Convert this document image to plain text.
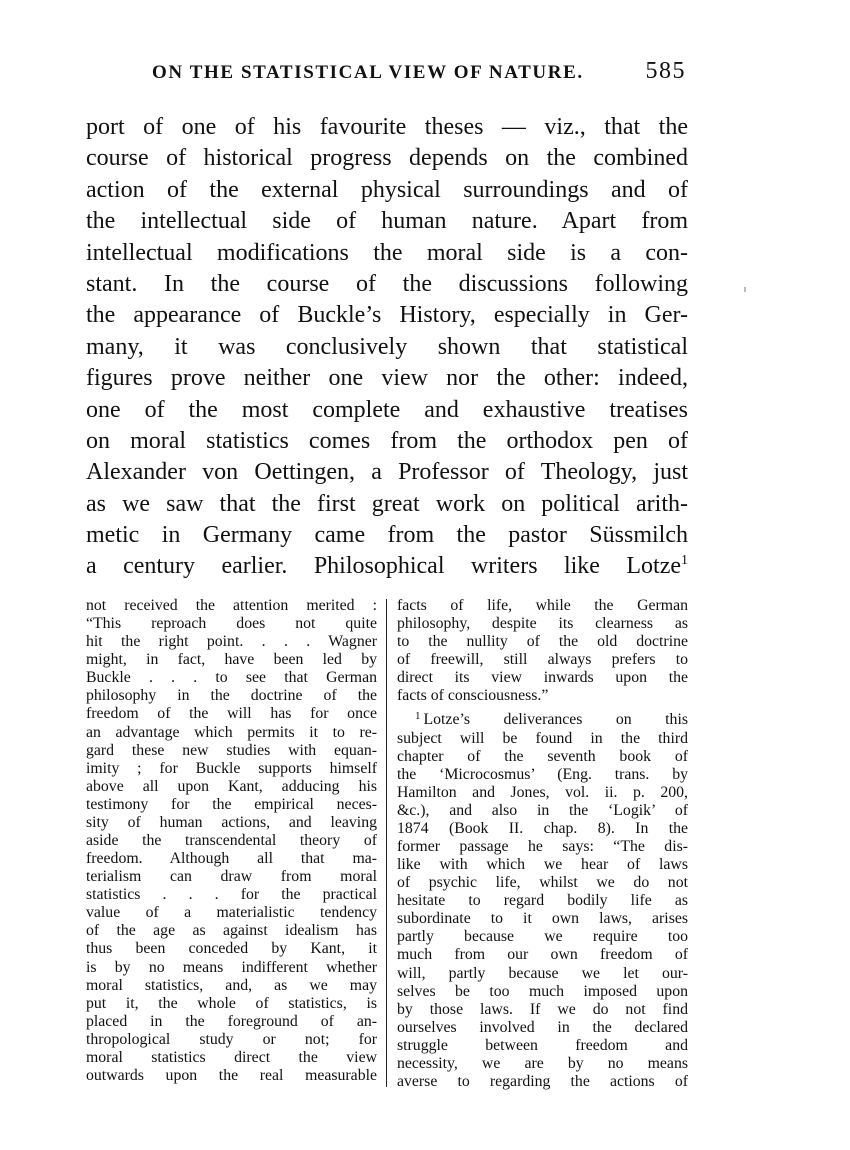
ON THE STATISTICAL VIEW OF NATURE.	585
port of one of his favourite theses — viz., that the
course of historical progress depends on the combined
action of the external physical surroundings and of
the intellectual side of human nature. Apart from
intellectual modifications the moral side is a con-
stant. In the course of the discussions following
the appearance of Buckle’s History, especially in Ger-
many, it was conclusively shown that statistical
figures prove neither one view nor the other: indeed,
one of the most complete and exhaustive treatises
on moral statistics comes from the orthodox pen of
Alexander von Oettingen, a Professor of Theology, just
as we saw that the first great work on political arith-
metic in Germany came from the pastor Süssmilch
a century earlier. Philosophical writers like Lotze$^1$
not received the attention merited :
“This reproach does not quite
hit the right point. . . . Wagner
might, in fact, have been led by
Buckle . . . to see that German
philosophy in the doctrine of the
freedom of the will has for once
an advantage which permits it to re-
gard these new studies with equan-
imity ; for Buckle supports himself
above all upon Kant, adducing his
testimony for the empirical neces-
sity of human actions, and leaving
aside the transcendental theory of
freedom. Although all that ma-
terialism can draw from moral
statistics . . . for the practical
value of a materialistic tendency
of the age as against idealism has
thus been conceded by Kant, it
is by no means indifferent whether
moral statistics, and, as we may
put it, the whole of statistics, is
placed in the foreground of an-
thropological study or not; for
moral statistics direct the view
outwards upon the real measurable
facts of life, while the German
philosophy, despite its clearness as
to the nullity of the old doctrine
of freewill, still always prefers to
direct its view inwards upon the
facts of consciousness.”
$^1$ Lotze’s deliverances on this
subject will be found in the third
chapter of the seventh book of
the ‘Microcosmus’ (Eng. trans. by
Hamilton and Jones, vol. ii. p. 200,
&c.), and also in the ‘Logik’ of
1874 (Book II. chap. 8). In the
former passage he says: “The dis-
like with which we hear of laws
of psychic life, whilst we do not
hesitate to regard bodily life as
subordinate to it own laws, arises
partly because we require too
much from our own freedom of
will, partly because we let our-
selves be too much imposed upon
by those laws. If we do not find
ourselves involved in the declared
struggle between freedom and
necessity, we are by no means
averse to regarding the actions of
